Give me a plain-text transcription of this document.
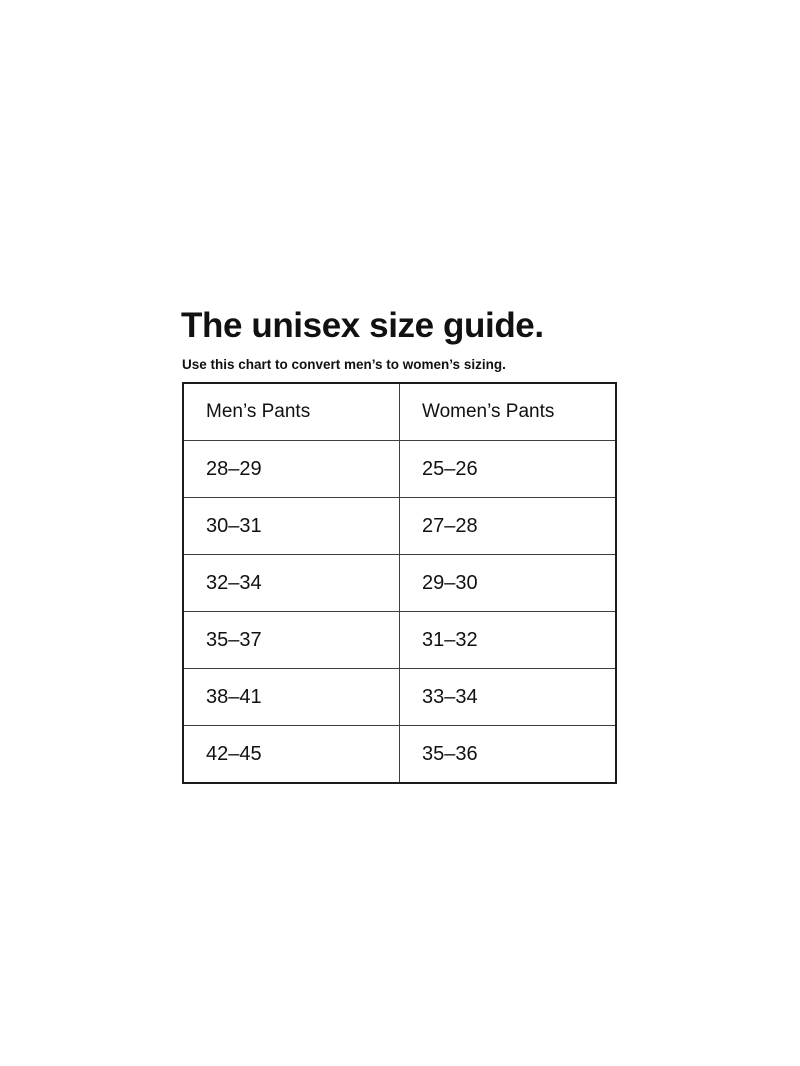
The unisex size guide.

Use this chart to convert men’s to women’s sizing.

Men’s Pants	Women’s Pants
28–29	25–26
30–31	27–28
32–34	29–30
35–37	31–32
38–41	33–34
42–45	35–36
